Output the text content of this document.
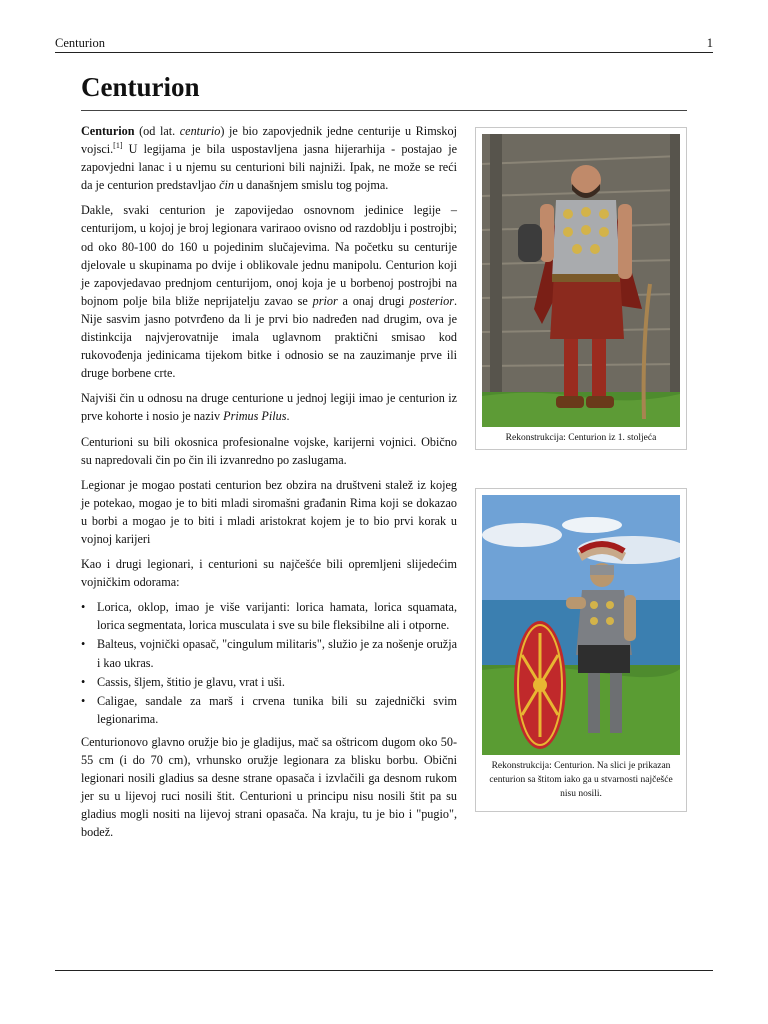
Centurion	1
Centurion
Rekonstrukcija: Centurion iz 1. stoljeća

Centurion (od lat. centurio) je bio zapovjednik jedne centurije u Rimskoj vojsci.[1] U legijama je bila uspostavljena jasna hijerarhija - postajao je zapovjedni lanac i u njemu su centurioni bili najniži. Ipak, ne može se reći da je centurion predstavljao čin u današnjem smislu tog pojma.

Dakle, svaki centurion je zapovijedao osnovnom jedinice legije – centurijom, u kojoj je broj legionara variraoo ovisno od razdoblju i postrojbi; od oko 80-100 do 160 u pojedinim slučajevima. Na početku su centurije djelovale u skupinama po dvije i oblikovale jednu manipolu. Centurion koji je zapovjedavao prednjom centurijom, onoj koja je u borbenoj postrojbi na bojnom polje bila bliže neprijatelju zavao se prior a onaj drugi posterior. Nije sasvim jasno potvrđeno da li je prvi bio nadređen nad drugim, ova je distinkcija najvjerovatnije imala uglavnom praktični smisao kod rukovođenja jedinicama tijekom bitke i odnosio se na zauzimanje prve ili druge borbene crte.

Najviši čin u odnosu na druge centurione u jednoj legiji imao je centurion iz prve kohorte i nosio je naziv Primus Pilus.

Centurioni su bili okosnica profesionalne vojske, karijerni vojnici. Obično su napredovali čin po čin ili izvanredno po zaslugama.

Rekonstrukcija: Centurion. Na slici je prikazan centurion sa štitom iako ga u stvarnosti najčešće nisu nosili.

Legionar je mogao postati centurion bez obzira na društveni stalež iz kojeg je potekao, mogao je to biti mladi siromašni građanin Rima koji se dokazao u borbi a mogao je to biti i mladi aristokrat kojem je to bio prvi korak u vojnoj karijeri

Kao i drugi legionari, i centurioni su najčešće bili opremljeni slijedećim vojničkim odorama:

• Lorica, oklop, imao je više varijanti: lorica hamata, lorica squamata, lorica segmentata, lorica musculata i sve su bile fleksibilne ali i otporne.
• Balteus, vojnički opasač, "cingulum militaris", služio je za nošenje oružja i kao ukras.
• Cassis, šljem, štitio je glavu, vrat i uši.
• Caligae, sandale za marš i crvena tunika bili su zajednički svim legionarima.

Centurionovo glavno oružje bio je gladijus, mač sa oštricom dugom oko 50-55 cm (i do 70 cm), vrhunsko oružje legionara za blisku borbu. Obični legionari nosili gladius sa desne strane opasača i izvlačili ga desnom rukom jer su u lijevoj ruci nosili štit. Centurioni u principu nisu nosili štit pa su gladius mogli nositi na lijevoj strani opasača. Na kraju, tu je bio i "pugio", bodež.
